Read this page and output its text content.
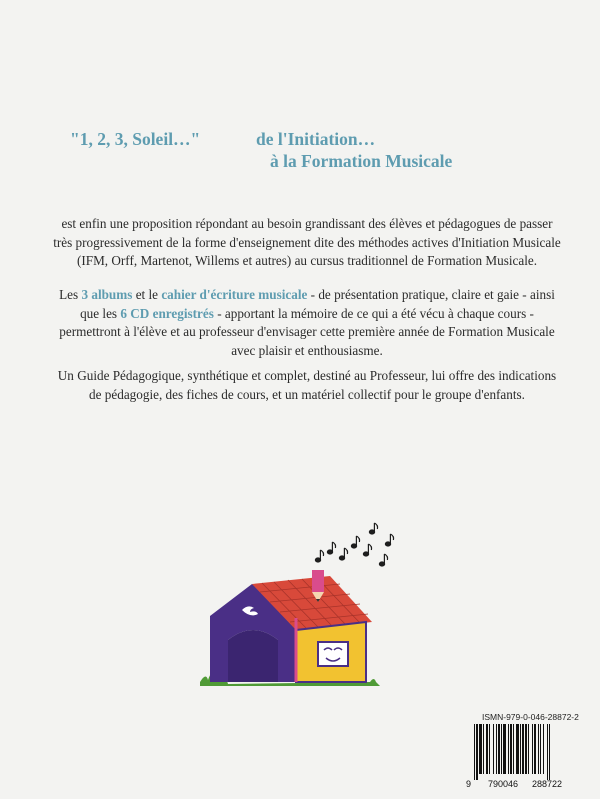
"1, 2, 3, Soleil…"	de l'Initiation…
à la Formation Musicale
est enfin une proposition répondant au besoin grandissant des élèves et pédagogues de passer très progressivement de la forme d'enseignement dite des méthodes actives d'Initiation Musicale (IFM, Orff, Martenot, Willems et autres) au cursus traditionnel de Formation Musicale.
Les 3 albums et le cahier d'écriture musicale - de présentation pratique, claire et gaie - ainsi que les 6 CD enregistrés - apportant la mémoire de ce qui a été vécu à chaque cours - permettront à l'élève et au professeur d'envisager cette première année de Formation Musicale avec plaisir et enthousiasme.
Un Guide Pédagogique, synthétique et complet, destiné au Professeur, lui offre des indications de pédagogie, des fiches de cours, et un matériel collectif pour le groupe d'enfants.
ISMN-979-0-046-28872-2
9 790046 288722
